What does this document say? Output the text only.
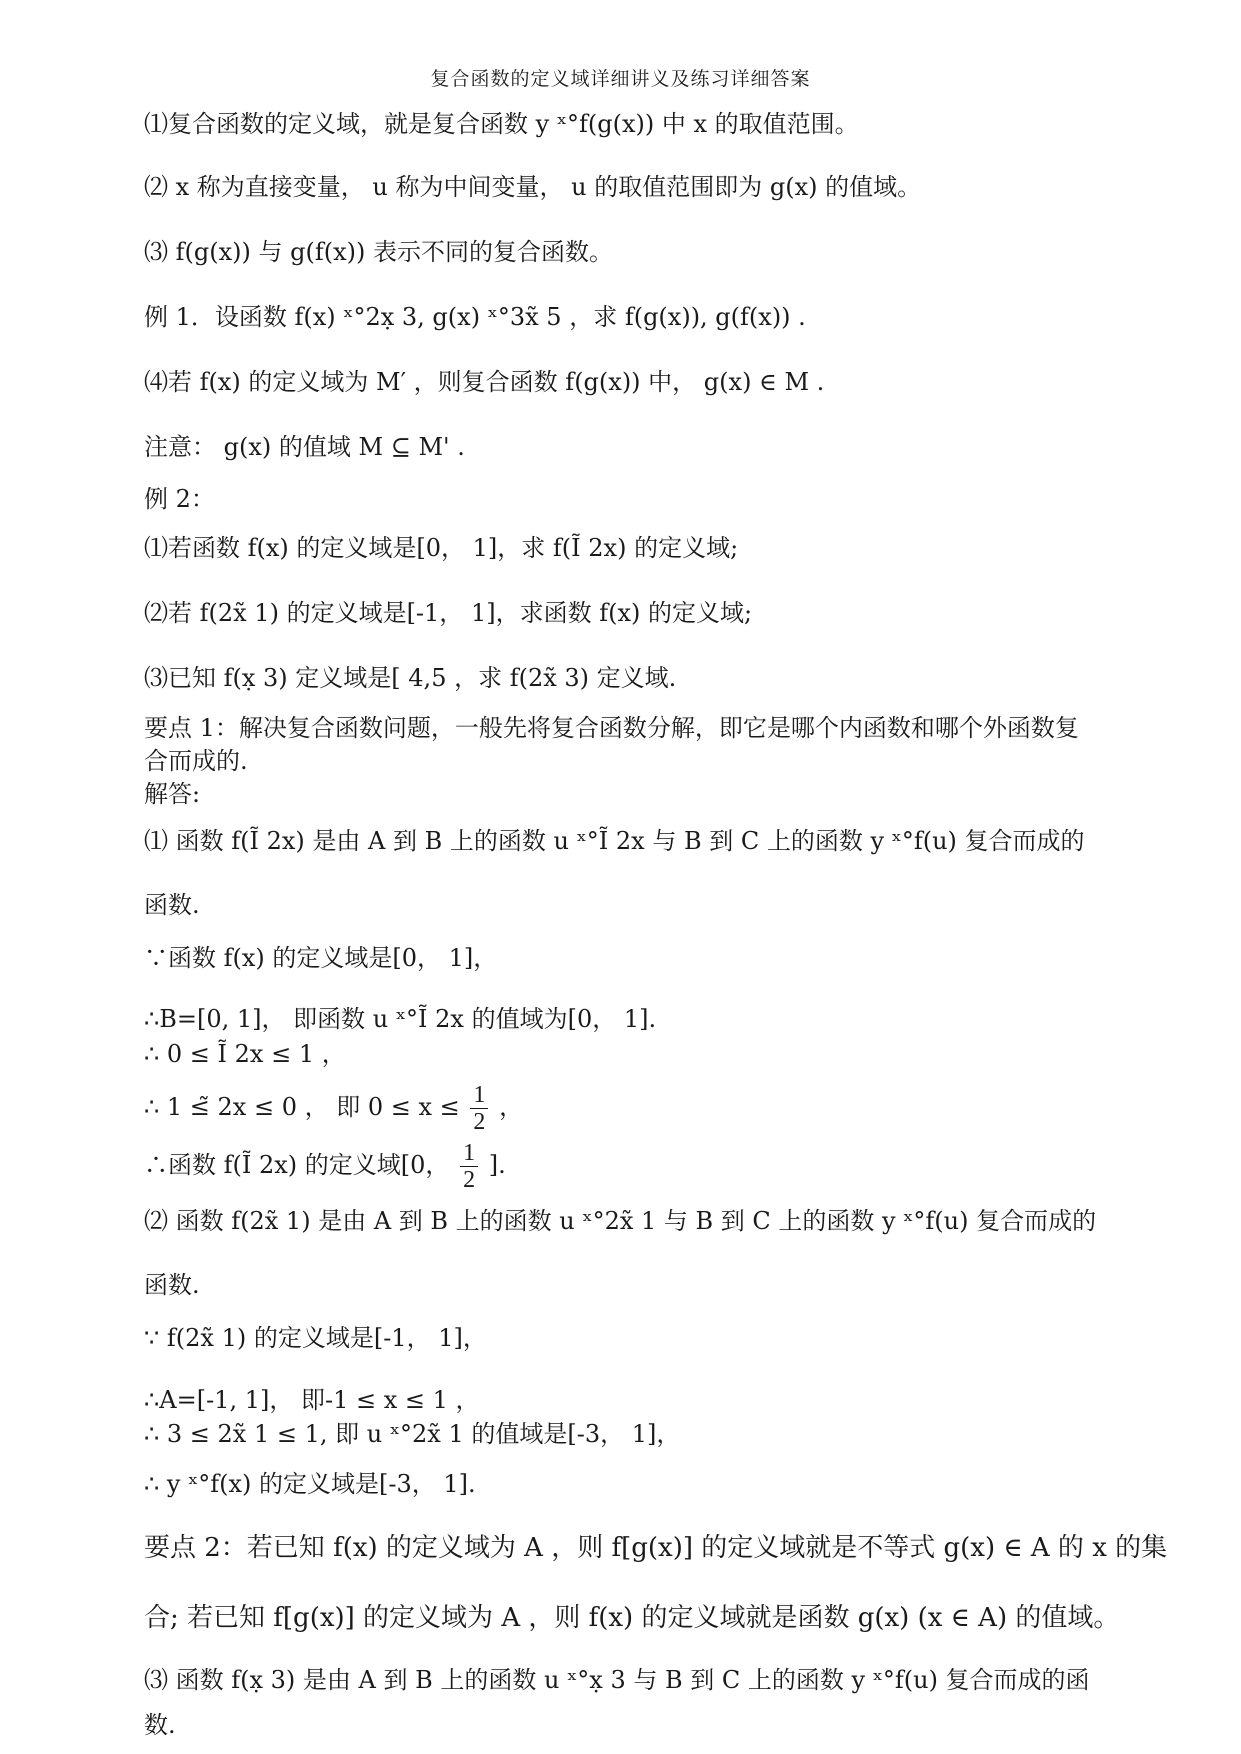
复合函数的定义域详细讲义及练习详细答案
⑴复合函数的定义域，就是复合函数 y ˣ°f(g(x)) 中 x 的取值范围。
⑵ x 称为直接变量， u 称为中间变量， u 的取值范围即为 g(x) 的值域。
⑶ f(g(x)) 与 g(f(x)) 表示不同的复合函数。
例 1．设函数 f(x) ˣ°2x̣ 3, g(x) ˣ°3x̃ 5 ，求 f(g(x)), g(f(x)) .
⑷若 f(x) 的定义域为 M′ ，则复合函数 f(g(x)) 中， g(x) ∈ M .
注意： g(x) 的值域 M ⊆ M' .
例 2：
⑴若函数 f(x) 的定义域是[0， 1]，求 f(Ĩ 2x) 的定义域;
⑵若 f(2x̃ 1) 的定义域是[-1， 1]，求函数 f(x) 的定义域;
⑶已知 f(x̣ 3) 定义域是[ 4,5 ，求 f(2x̃ 3) 定义域.
要点 1：解决复合函数问题，一般先将复合函数分解，即它是哪个内函数和哪个外函数复
合而成的.
解答:
⑴ 函数 f(Ĩ 2x) 是由 A 到 B 上的函数 u ˣ°Ĩ 2x 与 B 到 C 上的函数 y ˣ°f(u) 复合而成的
函数.
∵函数 f(x) 的定义域是[0， 1]，
∴B=[0, 1]， 即函数 u ˣ°Ĩ 2x 的值域为[0， 1].
∴ 0 ≤ Ĩ 2x ≤ 1 ，
∴ 1 ≤̃ 2x ≤ 0 ， 即 $0 \le x \le \frac{1}{2}$ ，
∴函数 f(Ĩ 2x) 的定义域[0， $\frac{1}{2}$ ].
⑵ 函数 f(2x̃ 1) 是由 A 到 B 上的函数 u ˣ°2x̃ 1 与 B 到 C 上的函数 y ˣ°f(u) 复合而成的
函数.
∵ f(2x̃ 1) 的定义域是[-1， 1]，
∴A=[-1, 1]， 即-1 ≤ x ≤ 1 ，
∴ 3 ≤ 2x̃ 1 ≤ 1, 即 u ˣ°2x̃ 1 的值域是[-3， 1]，
∴ y ˣ°f(x) 的定义域是[-3， 1].
要点 2：若已知 f(x) 的定义域为 A ，则 f[g(x)] 的定义域就是不等式 g(x) ∈ A 的 x 的集
合; 若已知 f[g(x)] 的定义域为 A ，则 f(x) 的定义域就是函数 g(x) (x ∈ A) 的值域。
⑶ 函数 f(x̣ 3) 是由 A 到 B 上的函数 u ˣ°x̣ 3 与 B 到 C 上的函数 y ˣ°f(u) 复合而成的函
数.
